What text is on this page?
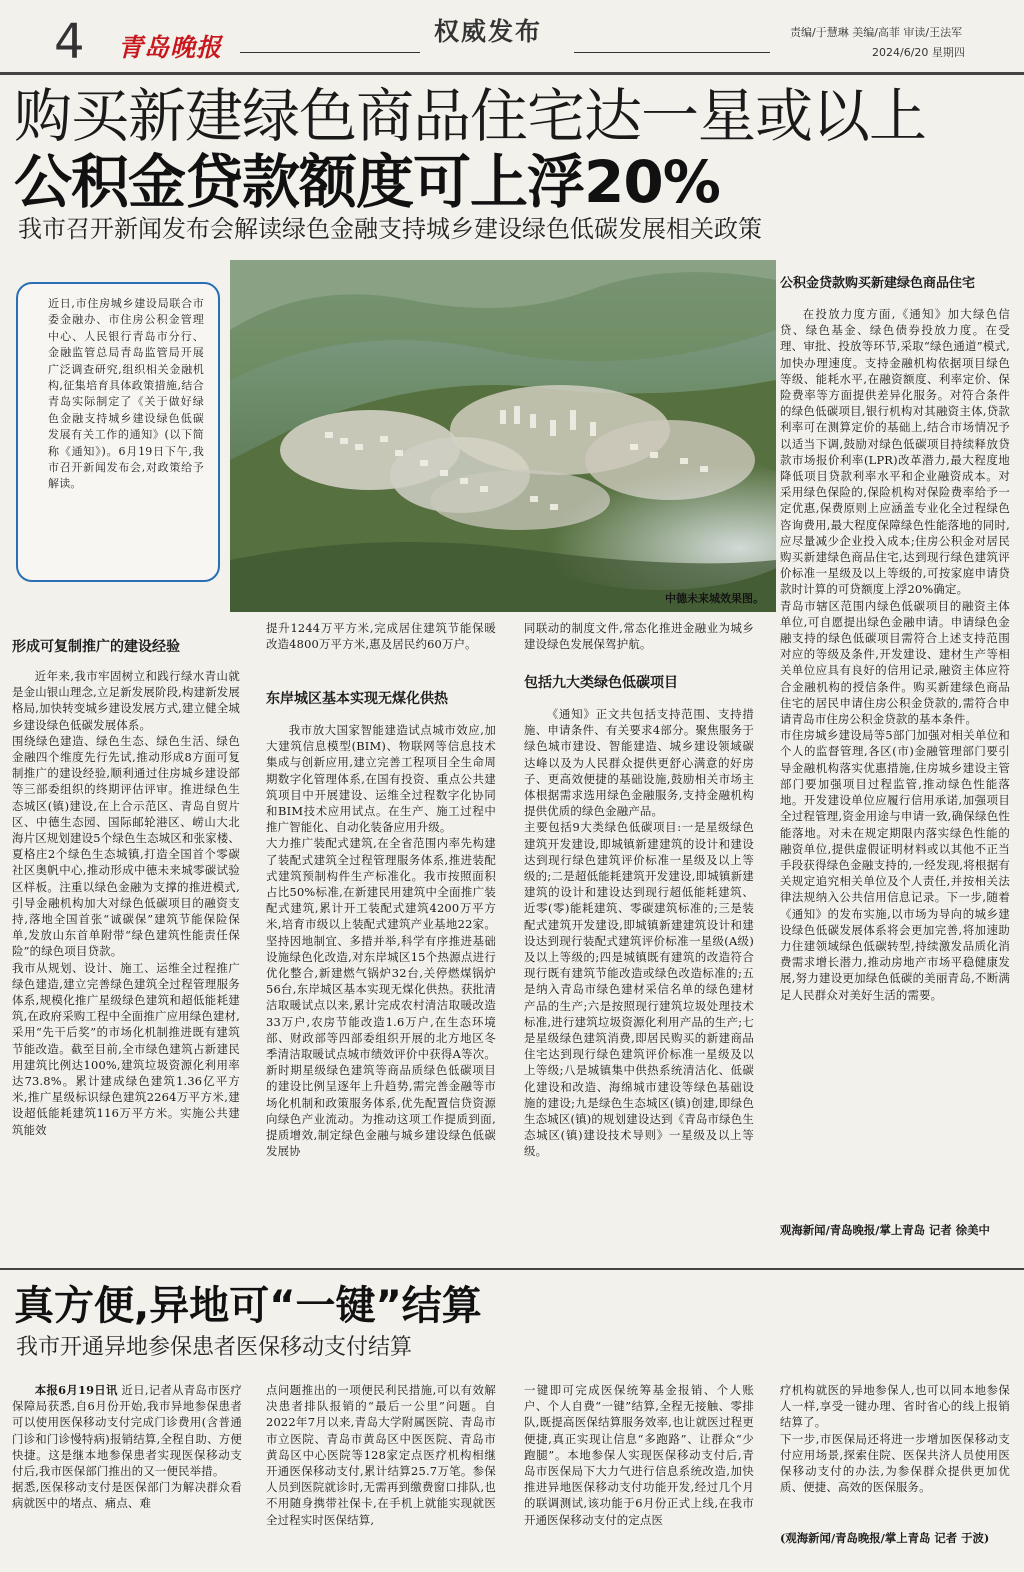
4 青岛晚报
权威发布	责编/于慧琳 美编/高菲 审读/王法军
2024/6/20 星期四
购买新建绿色商品住宅达一星或以上
公积金贷款额度可上浮20%
我市召开新闻发布会解读绿色金融支持城乡建设绿色低碳发展相关政策
近日,市住房城乡建设局联合市委金融办、市住房公积金管理中心、人民银行青岛市分行、金融监管总局青岛监管局开展广泛调查研究,组织相关金融机构,征集培育具体政策措施,结合青岛实际制定了《关于做好绿色金融支持城乡建设绿色低碳发展有关工作的通知》(以下简称《通知》)。6月19日下午,我市召开新闻发布会,对政策给予解读。
中德未来城效果图。
形成可复制推广的建设经验
近年来,我市牢固树立和践行绿水青山就是金山银山理念,立足新发展阶段,构建新发展格局,加快转变城乡建设发展方式,建立健全城乡建设绿色低碳发展体系。
围绕绿色建造、绿色生态、绿色生活、绿色金融四个维度先行先试,推动形成8方面可复制推广的建设经验,顺利通过住房城乡建设部等三部委组织的终期评估评审。推进绿色生态城区(镇)建设,在上合示范区、青岛自贸片区、中德生态园、国际邮轮港区、崂山大北海片区规划建设5个绿色生态城区和张家楼、夏格庄2个绿色生态城镇,打造全国首个零碳社区奥帆中心,推动形成中德未来城零碳试验区样板。注重以绿色金融为支撑的推进模式,引导金融机构加大对绿色低碳项目的融资支持,落地全国首张“诚碳保”建筑节能保险保单,发放山东首单附带“绿色建筑性能责任保险”的绿色项目贷款。
我市从规划、设计、施工、运维全过程推广绿色建造,建立完善绿色建筑全过程管理服务体系,规模化推广星级绿色建筑和超低能耗建筑,在政府采购工程中全面推广应用绿色建材,采用“先干后奖”的市场化机制推进既有建筑节能改造。截至目前,全市绿色建筑占新建民用建筑比例达100%,建筑垃圾资源化利用率达73.8%。累计建成绿色建筑1.36亿平方米,推广星级标识绿色建筑2264万平方米,建设超低能耗建筑116万平方米。实施公共建筑能效
提升1244万平方米,完成居住建筑节能保暖改造4800万平方米,惠及居民约60万户。
东岸城区基本实现无煤化供热
我市放大国家智能建造试点城市效应,加大建筑信息模型(BIM)、物联网等信息技术集成与创新应用,建立完善工程项目全生命周期数字化管理体系,在国有投资、重点公共建筑项目中开展建设、运维全过程数字化协同和BIM技术应用试点。在生产、施工过程中推广智能化、自动化装备应用升级。
大力推广装配式建筑,在全省范围内率先构建了装配式建筑全过程管理服务体系,推进装配式建筑预制构件生产标准化。我市按照面积占比50%标准,在新建民用建筑中全面推广装配式建筑,累计开工装配式建筑4200万平方米,培育市级以上装配式建筑产业基地22家。坚持因地制宜、多措并举,科学有序推进基础设施绿色化改造,对东岸城区15个热源点进行优化整合,新建燃气锅炉32台,关停燃煤锅炉56台,东岸城区基本实现无煤化供热。获批清洁取暖试点以来,累计完成农村清洁取暖改造33万户,农房节能改造1.6万户,在生态环境部、财政部等四部委组织开展的北方地区冬季清洁取暖试点城市绩效评价中获得A等次。新时期星级绿色建筑等商品质绿色低碳项目的建设比例呈逐年上升趋势,需完善金融等市场化机制和政策服务体系,优先配置信贷资源向绿色产业流动。为推动这项工作提质到面,提质增效,制定绿色金融与城乡建设绿色低碳发展协
同联动的制度文件,常态化推进金融业为城乡建设绿色发展保驾护航。
包括九大类绿色低碳项目
《通知》正文共包括支持范围、支持措施、申请条件、有关要求4部分。聚焦服务于绿色城市建设、智能建造、城乡建设领域碳达峰以及为人民群众提供更舒心满意的好房子、更高效便捷的基础设施,鼓励相关市场主体根据需求选用绿色金融服务,支持金融机构提供优质的绿色金融产品。
主要包括9大类绿色低碳项目:一是星级绿色建筑开发建设,即城镇新建建筑的设计和建设达到现行绿色建筑评价标准一星级及以上等级的;二是超低能耗建筑开发建设,即城镇新建建筑的设计和建设达到现行超低能耗建筑、近零(零)能耗建筑、零碳建筑标准的;三是装配式建筑开发建设,即城镇新建建筑设计和建设达到现行装配式建筑评价标准一星级(A级)及以上等级的;四是城镇既有建筑的改造符合现行既有建筑节能改造或绿色改造标准的;五是纳入青岛市绿色建材采信名单的绿色建材产品的生产;六是按照现行建筑垃圾处理技术标准,进行建筑垃圾资源化利用产品的生产;七是星级绿色建筑消费,即居民购买的新建商品住宅达到现行绿色建筑评价标准一星级及以上等级;八是城镇集中供热系统清洁化、低碳化建设和改造、海绵城市建设等绿色基础设施的建设;九是绿色生态城区(镇)创建,即绿色生态城区(镇)的规划建设达到《青岛市绿色生态城区(镇)建设技术导则》一星级及以上等级。
公积金贷款购买新建绿色商品住宅
在投放力度方面,《通知》加大绿色信贷、绿色基金、绿色债券投放力度。在受理、审批、投放等环节,采取“绿色通道”模式,加快办理速度。支持金融机构依据项目绿色等级、能耗水平,在融资额度、利率定价、保险费率等方面提供差异化服务。对符合条件的绿色低碳项目,银行机构对其融资主体,贷款利率可在测算定价的基础上,结合市场情况予以适当下调,鼓励对绿色低碳项目持续释放贷款市场报价利率(LPR)改革潜力,最大程度地降低项目贷款利率水平和企业融资成本。对采用绿色保险的,保险机构对保险费率给予一定优惠,保费原则上应涵盖专业化全过程绿色咨询费用,最大程度保障绿色性能落地的同时,应尽量减少企业投入成本;住房公积金对居民购买新建绿色商品住宅,达到现行绿色建筑评价标准一星级及以上等级的,可按家庭申请贷款时计算的可贷额度上浮20%确定。
青岛市辖区范围内绿色低碳项目的融资主体单位,可自愿提出绿色金融申请。申请绿色金融支持的绿色低碳项目需符合上述支持范围对应的等级及条件,开发建设、建材生产等相关单位应具有良好的信用记录,融资主体应符合金融机构的授信条件。购买新建绿色商品住宅的居民申请住房公积金贷款的,需符合申请青岛市住房公积金贷款的基本条件。
市住房城乡建设局等5部门加强对相关单位和个人的监督管理,各区(市)金融管理部门要引导金融机构落实优惠措施,住房城乡建设主管部门要加强项目过程监管,推动绿色性能落地。开发建设单位应履行信用承诺,加强项目全过程管理,资金用途与申请一致,确保绿色性能落地。对未在规定期限内落实绿色性能的融资单位,提供虚假证明材料或以其他不正当手段获得绿色金融支持的,一经发现,将根据有关规定追究相关单位及个人责任,并按相关法律法规纳入公共信用信息记录。下一步,随着《通知》的发布实施,以市场为导向的城乡建设绿色低碳发展体系将会更加完善,将加速助力住建领域绿色低碳转型,持续激发品质化消费需求增长潜力,推动房地产市场平稳健康发展,努力建设更加绿色低碳的美丽青岛,不断满足人民群众对美好生活的需要。
观海新闻/青岛晚报/掌上青岛 记者 徐美中
真方便,异地可“一键”结算
我市开通异地参保患者医保移动支付结算
本报6月19日讯 近日,记者从青岛市医疗保障局获悉,自6月份开始,我市异地参保患者可以使用医保移动支付完成门诊费用(含普通门诊和门诊慢特病)报销结算,全程自助、方便快捷。这是继本地参保患者实现医保移动支付后,我市医保部门推出的又一便民举措。
据悉,医保移动支付是医保部门为解决群众看病就医中的堵点、痛点、难
点问题推出的一项便民利民措施,可以有效解决患者排队报销的“最后一公里”问题。自2022年7月以来,青岛大学附属医院、青岛市市立医院、青岛市黄岛区中医医院、青岛市黄岛区中心医院等128家定点医疗机构相继开通医保移动支付,累计结算25.7万笔。参保人员到医院就诊时,无需再到缴费窗口排队,也不用随身携带社保卡,在手机上就能实现就医全过程实时医保结算,
一键即可完成医保统筹基金报销、个人账户、个人自费“一键”结算,全程无接触、零排队,既提高医保结算服务效率,也让就医过程更便捷,真正实现让信息“多跑路”、让群众“少跑腿”。本地参保人实现医保移动支付后,青岛市医保局下大力气进行信息系统改造,加快推进异地医保移动支付功能开发,经过几个月的联调测试,该功能于6月份正式上线,在我市开通医保移动支付的定点医
疗机构就医的异地参保人,也可以同本地参保人一样,享受一键办理、省时省心的线上报销结算了。
下一步,市医保局还将进一步增加医保移动支付应用场景,探索住院、医保共济人员使用医保移动支付的办法,为参保群众提供更加优质、便捷、高效的医保服务。
(观海新闻/青岛晚报/掌上青岛 记者 于波)
